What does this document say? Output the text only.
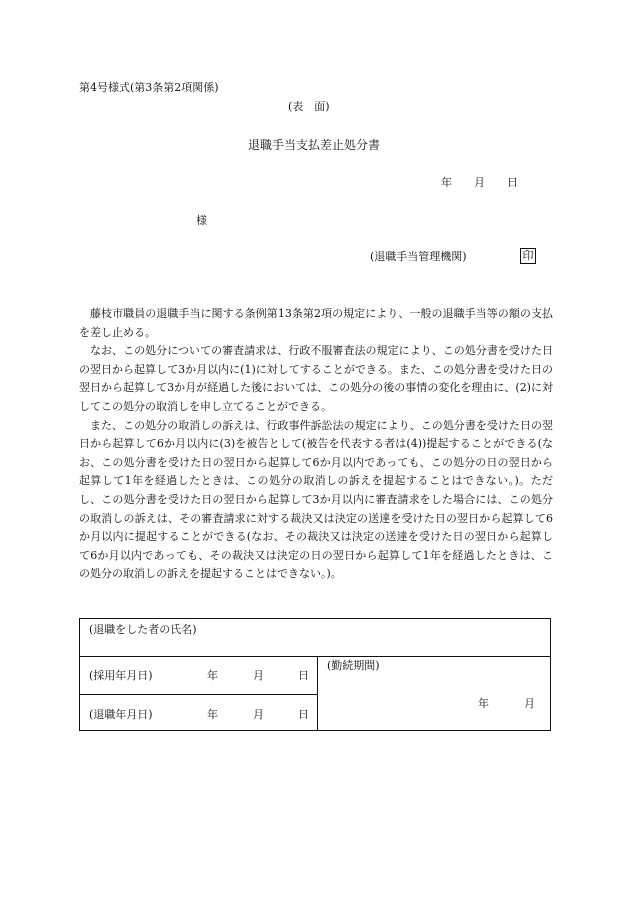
第4号様式(第3条第2項関係)
(表　面)
退職手当支払差止処分書
年 月 日
様
(退職手当管理機関)	印

藤枝市職員の退職手当に関する条例第13条第2項の規定により、一般の退職手当等の額の支払を差し止める。

なお、この処分についての審査請求は、行政不服審査法の規定により、この処分書を受けた日の翌日から起算して3か月以内に(1)に対してすることができる。また、この処分書を受けた日の翌日から起算して3か月が経過した後においては、この処分の後の事情の変化を理由に、(2)に対してこの処分の取消しを申し立てることができる。

また、この処分の取消しの訴えは、行政事件訴訟法の規定により、この処分書を受けた日の翌日から起算して6か月以内に(3)を被告として(被告を代表する者は(4))提起することができる(なお、この処分書を受けた日の翌日から起算して6か月以内であっても、この処分の日の翌日から起算して1年を経過したときは、この処分の取消しの訴えを提起することはできない。)。ただし、この処分書を受けた日の翌日から起算して3か月以内に審査請求をした場合には、この処分の取消しの訴えは、その審査請求に対する裁決又は決定の送達を受けた日の翌日から起算して6か月以内に提起することができる(なお、その裁決又は決定の送達を受けた日の翌日から起算して6か月以内であっても、その裁決又は決定の日の翌日から起算して1年を経過したときは、この処分の取消しの訴えを提起することはできない。)。

(退職をした者の氏名)
(採用年月日)	年	月	日
(退職年月日)	年	月	日
(勤続期間)
年	月
